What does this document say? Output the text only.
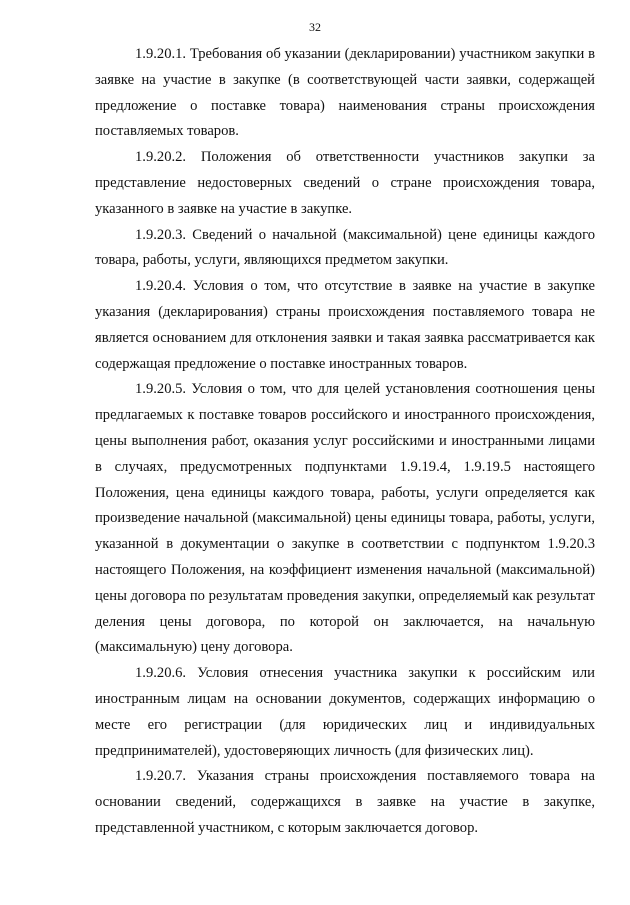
32

1.9.20.1. Требования об указании (декларировании) участником закупки в заявке на участие в закупке (в соответствующей части заявки, содержащей предложение о поставке товара) наименования страны происхождения поставляемых товаров.

1.9.20.2. Положения об ответственности участников закупки за представление недостоверных сведений о стране происхождения товара, указанного в заявке на участие в закупке.

1.9.20.3. Сведений о начальной (максимальной) цене единицы каждого товара, работы, услуги, являющихся предметом закупки.

1.9.20.4. Условия о том, что отсутствие в заявке на участие в закупке указания (декларирования) страны происхождения поставляемого товара не является основанием для отклонения заявки и такая заявка рассматривается как содержащая предложение о поставке иностранных товаров.

1.9.20.5. Условия о том, что для целей установления соотношения цены предлагаемых к поставке товаров российского и иностранного происхождения, цены выполнения работ, оказания услуг российскими и иностранными лицами в случаях, предусмотренных подпунктами 1.9.19.4, 1.9.19.5 настоящего Положения, цена единицы каждого товара, работы, услуги определяется как произведение начальной (максимальной) цены единицы товара, работы, услуги, указанной в документации о закупке в соответствии с подпунктом 1.9.20.3 настоящего Положения, на коэффициент изменения начальной (максимальной) цены договора по результатам проведения закупки, определяемый как результат деления цены договора, по которой он заключается, на начальную (максимальную) цену договора.

1.9.20.6. Условия отнесения участника закупки к российским или иностранным лицам на основании документов, содержащих информацию о месте его регистрации (для юридических лиц и индивидуальных предпринимателей), удостоверяющих личность (для физических лиц).

1.9.20.7. Указания страны происхождения поставляемого товара на основании сведений, содержащихся в заявке на участие в закупке, представленной участником, с которым заключается договор.
